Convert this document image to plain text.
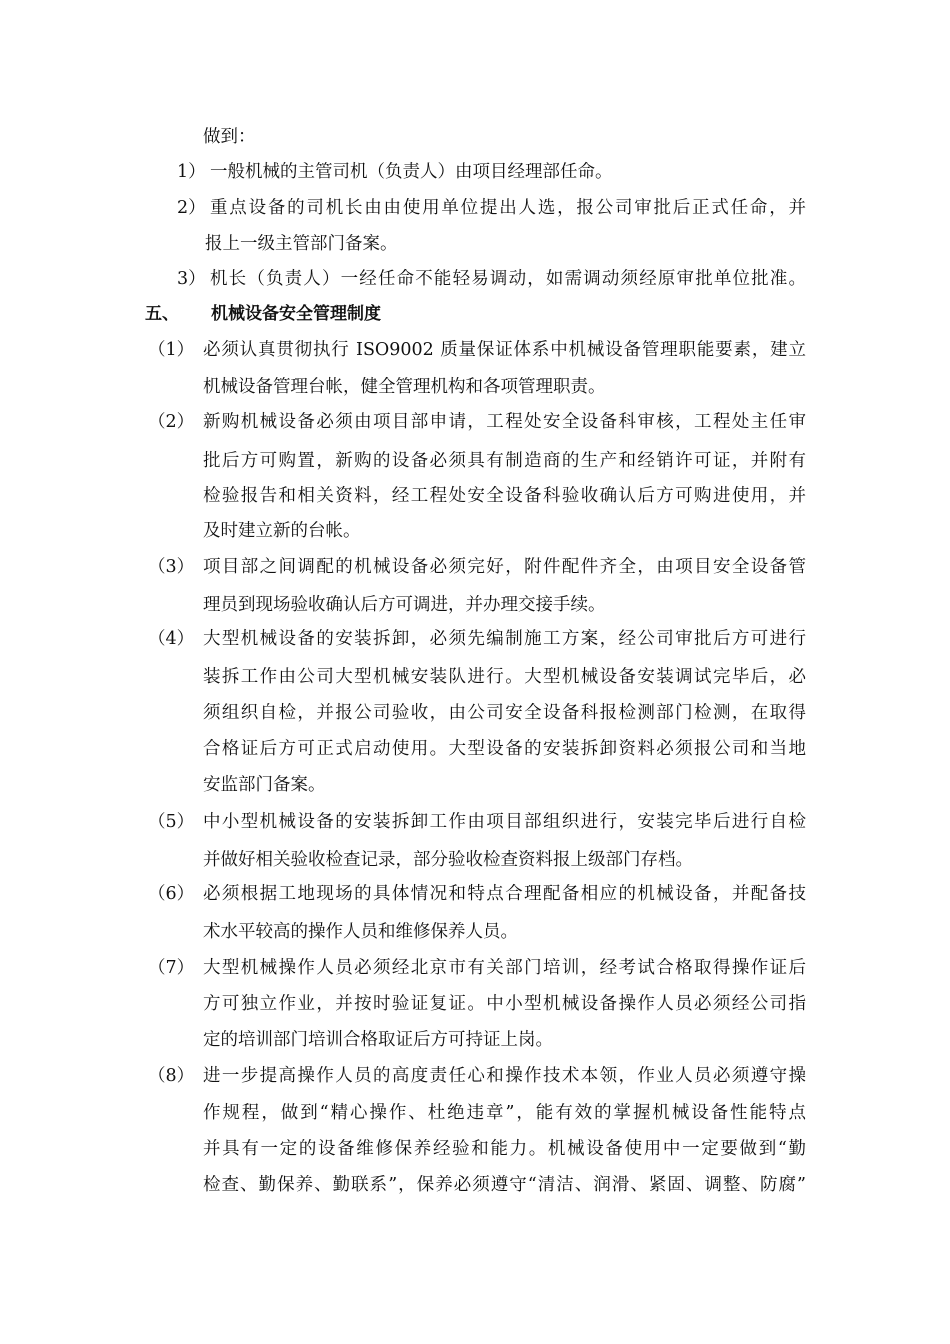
做到：
1） 一般机械的主管司机（负责人）由项目经理部任命。
2） 重点设备的司机长由由使用单位提出人选，报公司审批后正式任命，并
报上一级主管部门备案。
3） 机长（负责人）一经任命不能轻易调动，如需调动须经原审批单位批准。
五、 机械设备安全管理制度
（1） 必须认真贯彻执行 ISO9002 质量保证体系中机械设备管理职能要素，建立
机械设备管理台帐，健全管理机构和各项管理职责。
（2） 新购机械设备必须由项目部申请，工程处安全设备科审核，工程处主任审
批后方可购置，新购的设备必须具有制造商的生产和经销许可证，并附有
检验报告和相关资料，经工程处安全设备科验收确认后方可购进使用，并
及时建立新的台帐。
（3） 项目部之间调配的机械设备必须完好，附件配件齐全，由项目安全设备管
理员到现场验收确认后方可调进，并办理交接手续。
（4） 大型机械设备的安装拆卸，必须先编制施工方案，经公司审批后方可进行
装拆工作由公司大型机械安装队进行。大型机械设备安装调试完毕后，必
须组织自检，并报公司验收，由公司安全设备科报检测部门检测，在取得
合格证后方可正式启动使用。大型设备的安装拆卸资料必须报公司和当地
安监部门备案。
（5） 中小型机械设备的安装拆卸工作由项目部组织进行，安装完毕后进行自检
并做好相关验收检查记录，部分验收检查资料报上级部门存档。
（6） 必须根据工地现场的具体情况和特点合理配备相应的机械设备，并配备技
术水平较高的操作人员和维修保养人员。
（7） 大型机械操作人员必须经北京市有关部门培训，经考试合格取得操作证后
方可独立作业，并按时验证复证。中小型机械设备操作人员必须经公司指
定的培训部门培训合格取证后方可持证上岗。
（8） 进一步提高操作人员的高度责任心和操作技术本领，作业人员必须遵守操
作规程，做到“精心操作、杜绝违章”，能有效的掌握机械设备性能特点
并具有一定的设备维修保养经验和能力。机械设备使用中一定要做到“勤
检查、勤保养、勤联系”，保养必须遵守“清洁、润滑、紧固、调整、防腐”
